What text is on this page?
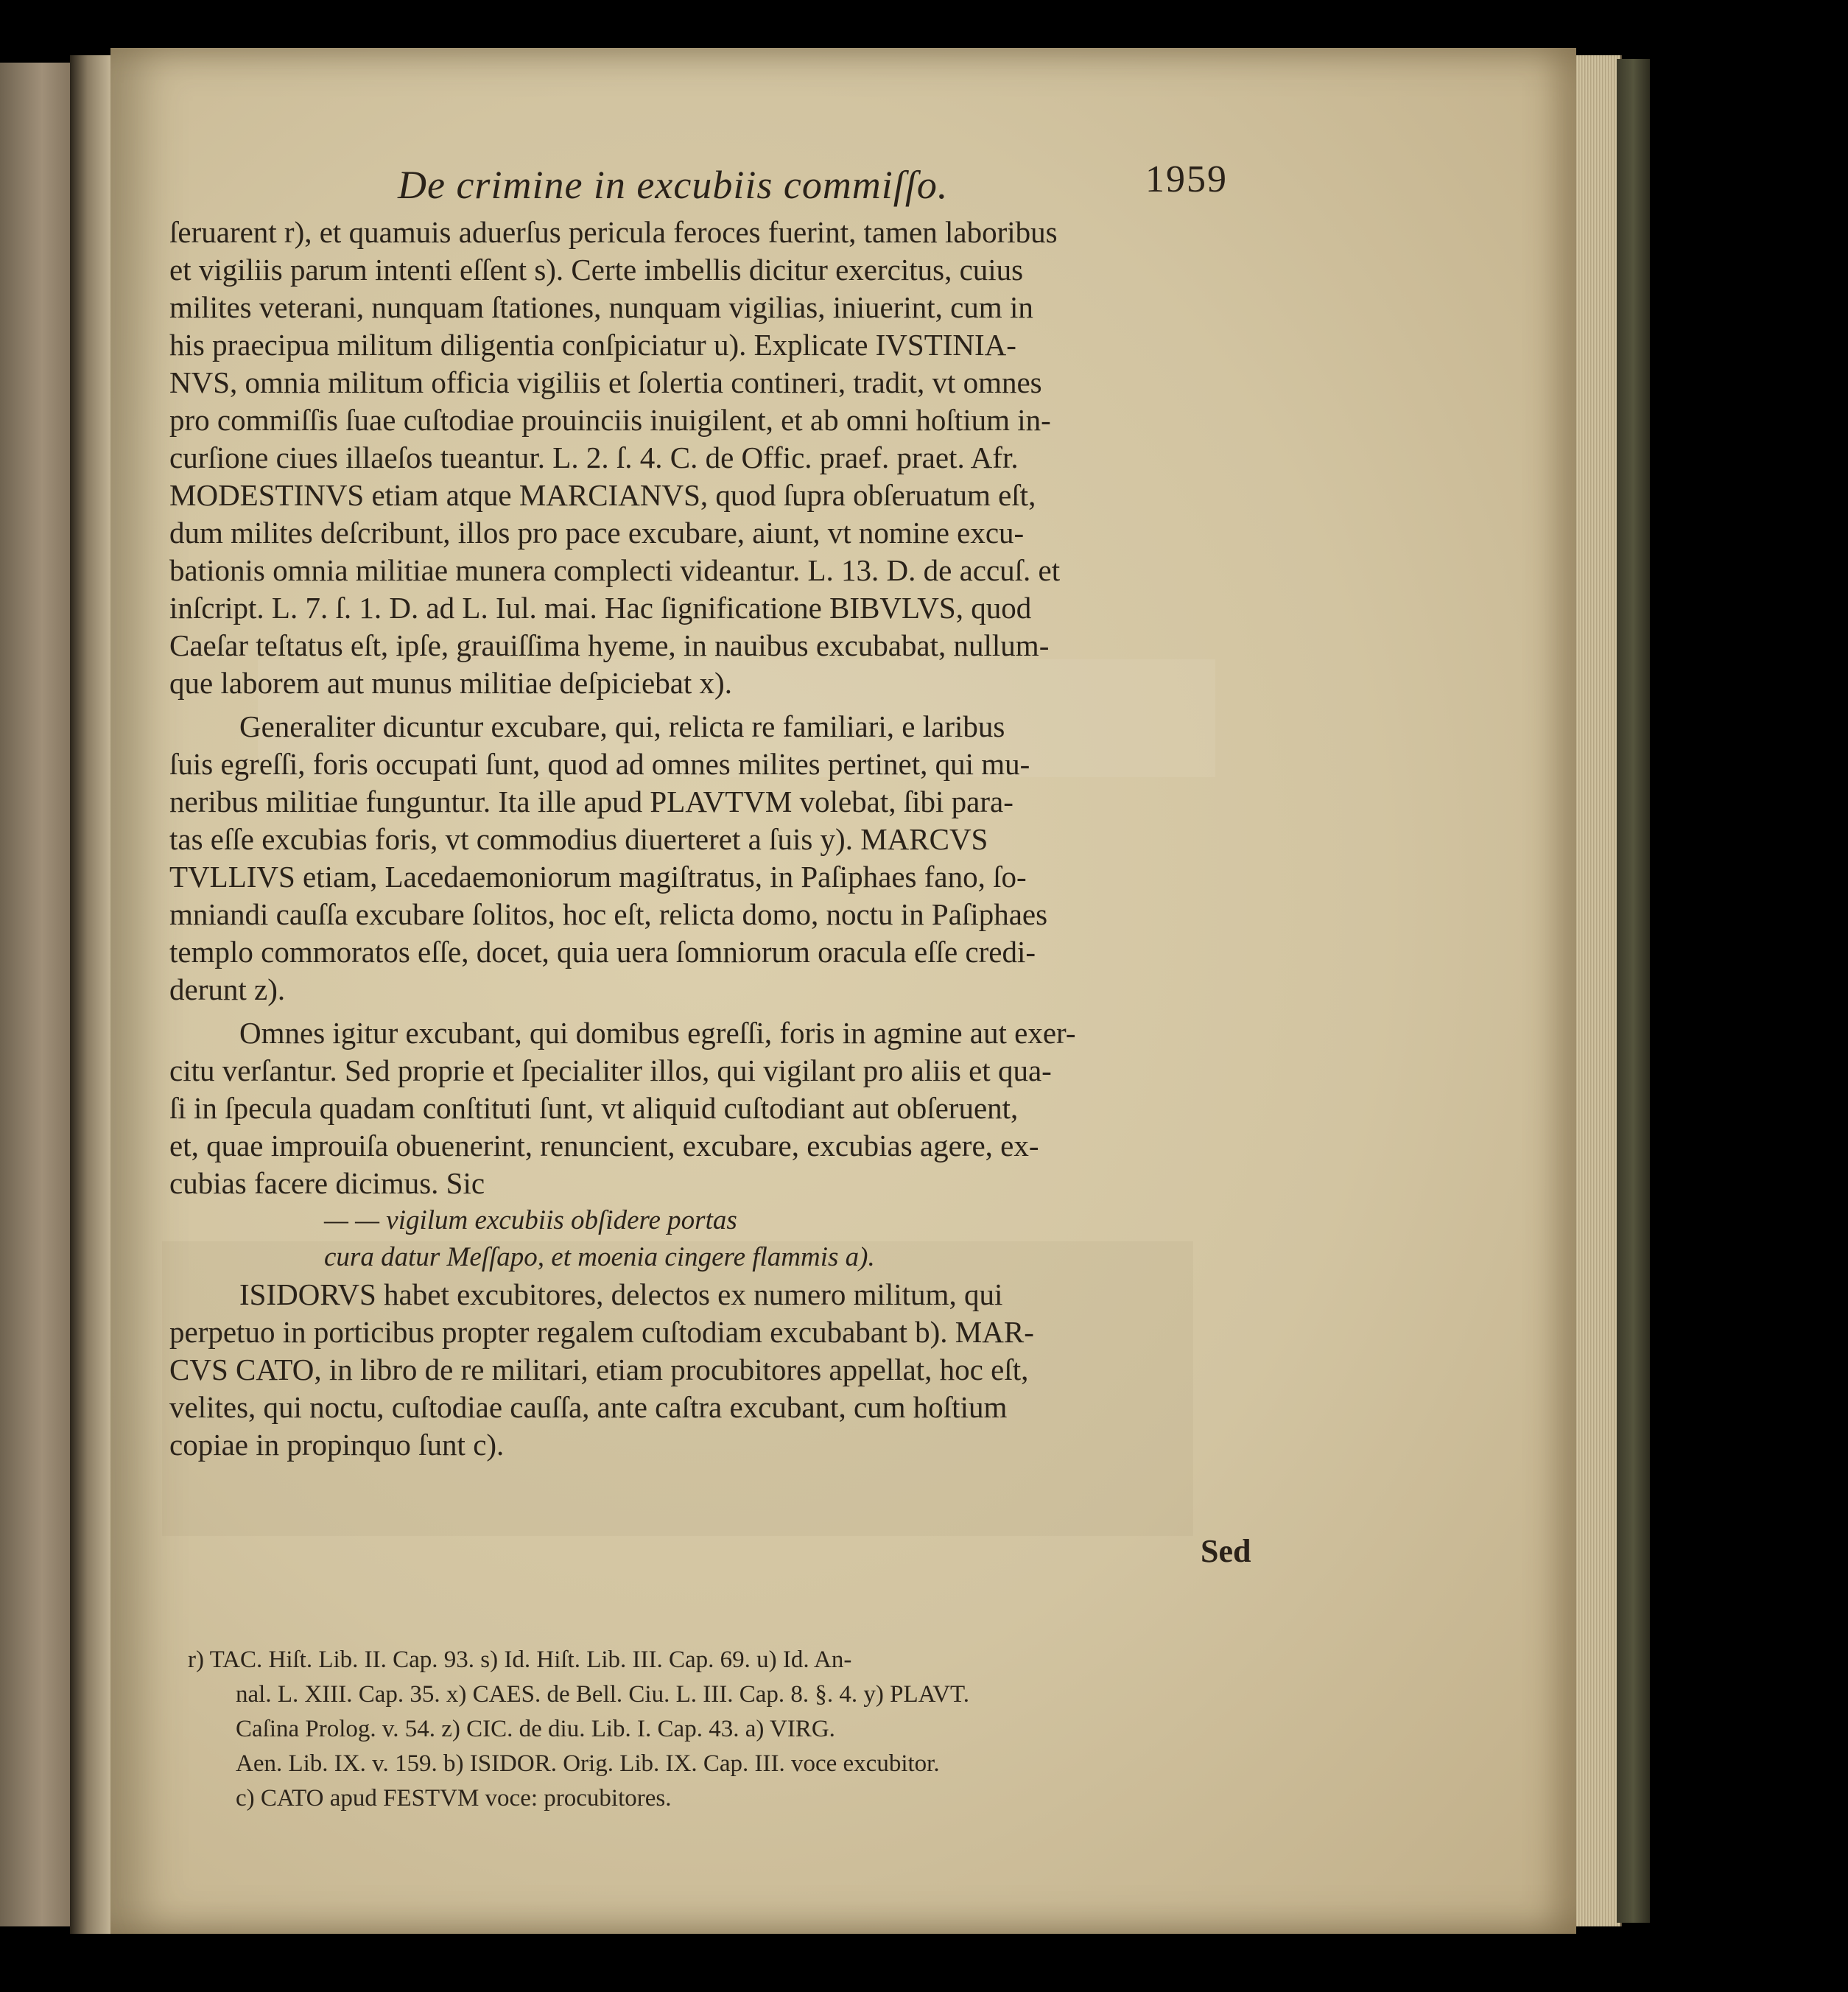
De crimine in excubiis commiſſo.	1959
ſeruarent r), et quamuis aduerſus pericula feroces fuerint, tamen laboribus
et vigiliis parum intenti eſſent s). Certe imbellis dicitur exercitus, cuius
milites veterani, nunquam ſtationes, nunquam vigilias, iniuerint, cum in
his praecipua militum diligentia conſpiciatur u). Explicate IVSTINIA-
NVS, omnia militum officia vigiliis et ſolertia contineri, tradit, vt omnes
pro commiſſis ſuae cuſtodiae prouinciis inuigilent, et ab omni hoſtium in-
curſione ciues illaeſos tueantur. L. 2. ſ. 4. C. de Offic. praef. praet. Afr.
MODESTINVS etiam atque MARCIANVS, quod ſupra obſeruatum eſt,
dum milites deſcribunt, illos pro pace excubare, aiunt, vt nomine excu-
bationis omnia militiae munera complecti videantur. L. 13. D. de accuſ. et
inſcript. L. 7. ſ. 1. D. ad L. Iul. mai. Hac ſignificatione BIBVLVS, quod
Caeſar teſtatus eſt, ipſe, grauiſſima hyeme, in nauibus excubabat, nullum-
que laborem aut munus militiae deſpiciebat x).
Generaliter dicuntur excubare, qui, relicta re familiari, e laribus
ſuis egreſſi, foris occupati ſunt, quod ad omnes milites pertinet, qui mu-
neribus militiae funguntur. Ita ille apud PLAVTVM volebat, ſibi para-
tas eſſe excubias foris, vt commodius diuerteret a ſuis y). MARCVS
TVLLIVS etiam, Lacedaemoniorum magiſtratus, in Paſiphaes fano, ſo-
mniandi cauſſa excubare ſolitos, hoc eſt, relicta domo, noctu in Paſiphaes
templo commoratos eſſe, docet, quia uera ſomniorum oracula eſſe credi-
derunt z).
Omnes igitur excubant, qui domibus egreſſi, foris in agmine aut exer-
citu verſantur. Sed proprie et ſpecialiter illos, qui vigilant pro aliis et qua-
ſi in ſpecula quadam conſtituti ſunt, vt aliquid cuſtodiant aut obſeruent,
et, quae improuiſa obuenerint, renuncient, excubare, excubias agere, ex-
cubias facere dicimus. Sic
— — vigilum excubiis obſidere portas
cura datur Meſſapo, et moenia cingere flammis a).
ISIDORVS habet excubitores, delectos ex numero militum, qui
perpetuo in porticibus propter regalem cuſtodiam excubabant b). MAR-
CVS CATO, in libro de re militari, etiam procubitores appellat, hoc eſt,
velites, qui noctu, cuſtodiae cauſſa, ante caſtra excubant, cum hoſtium
copiae in propinquo ſunt c).
Sed
r) TAC. Hiſt. Lib. II. Cap. 93. s) Id. Hiſt. Lib. III. Cap. 69. u) Id. An-
nal. L. XIII. Cap. 35. x) CAES. de Bell. Ciu. L. III. Cap. 8. §. 4. y) PLAVT.
Caſina Prolog. v. 54. z) CIC. de diu. Lib. I. Cap. 43. a) VIRG.
Aen. Lib. IX. v. 159. b) ISIDOR. Orig. Lib. IX. Cap. III. voce excubitor.
c) CATO apud FESTVM voce: procubitores.
